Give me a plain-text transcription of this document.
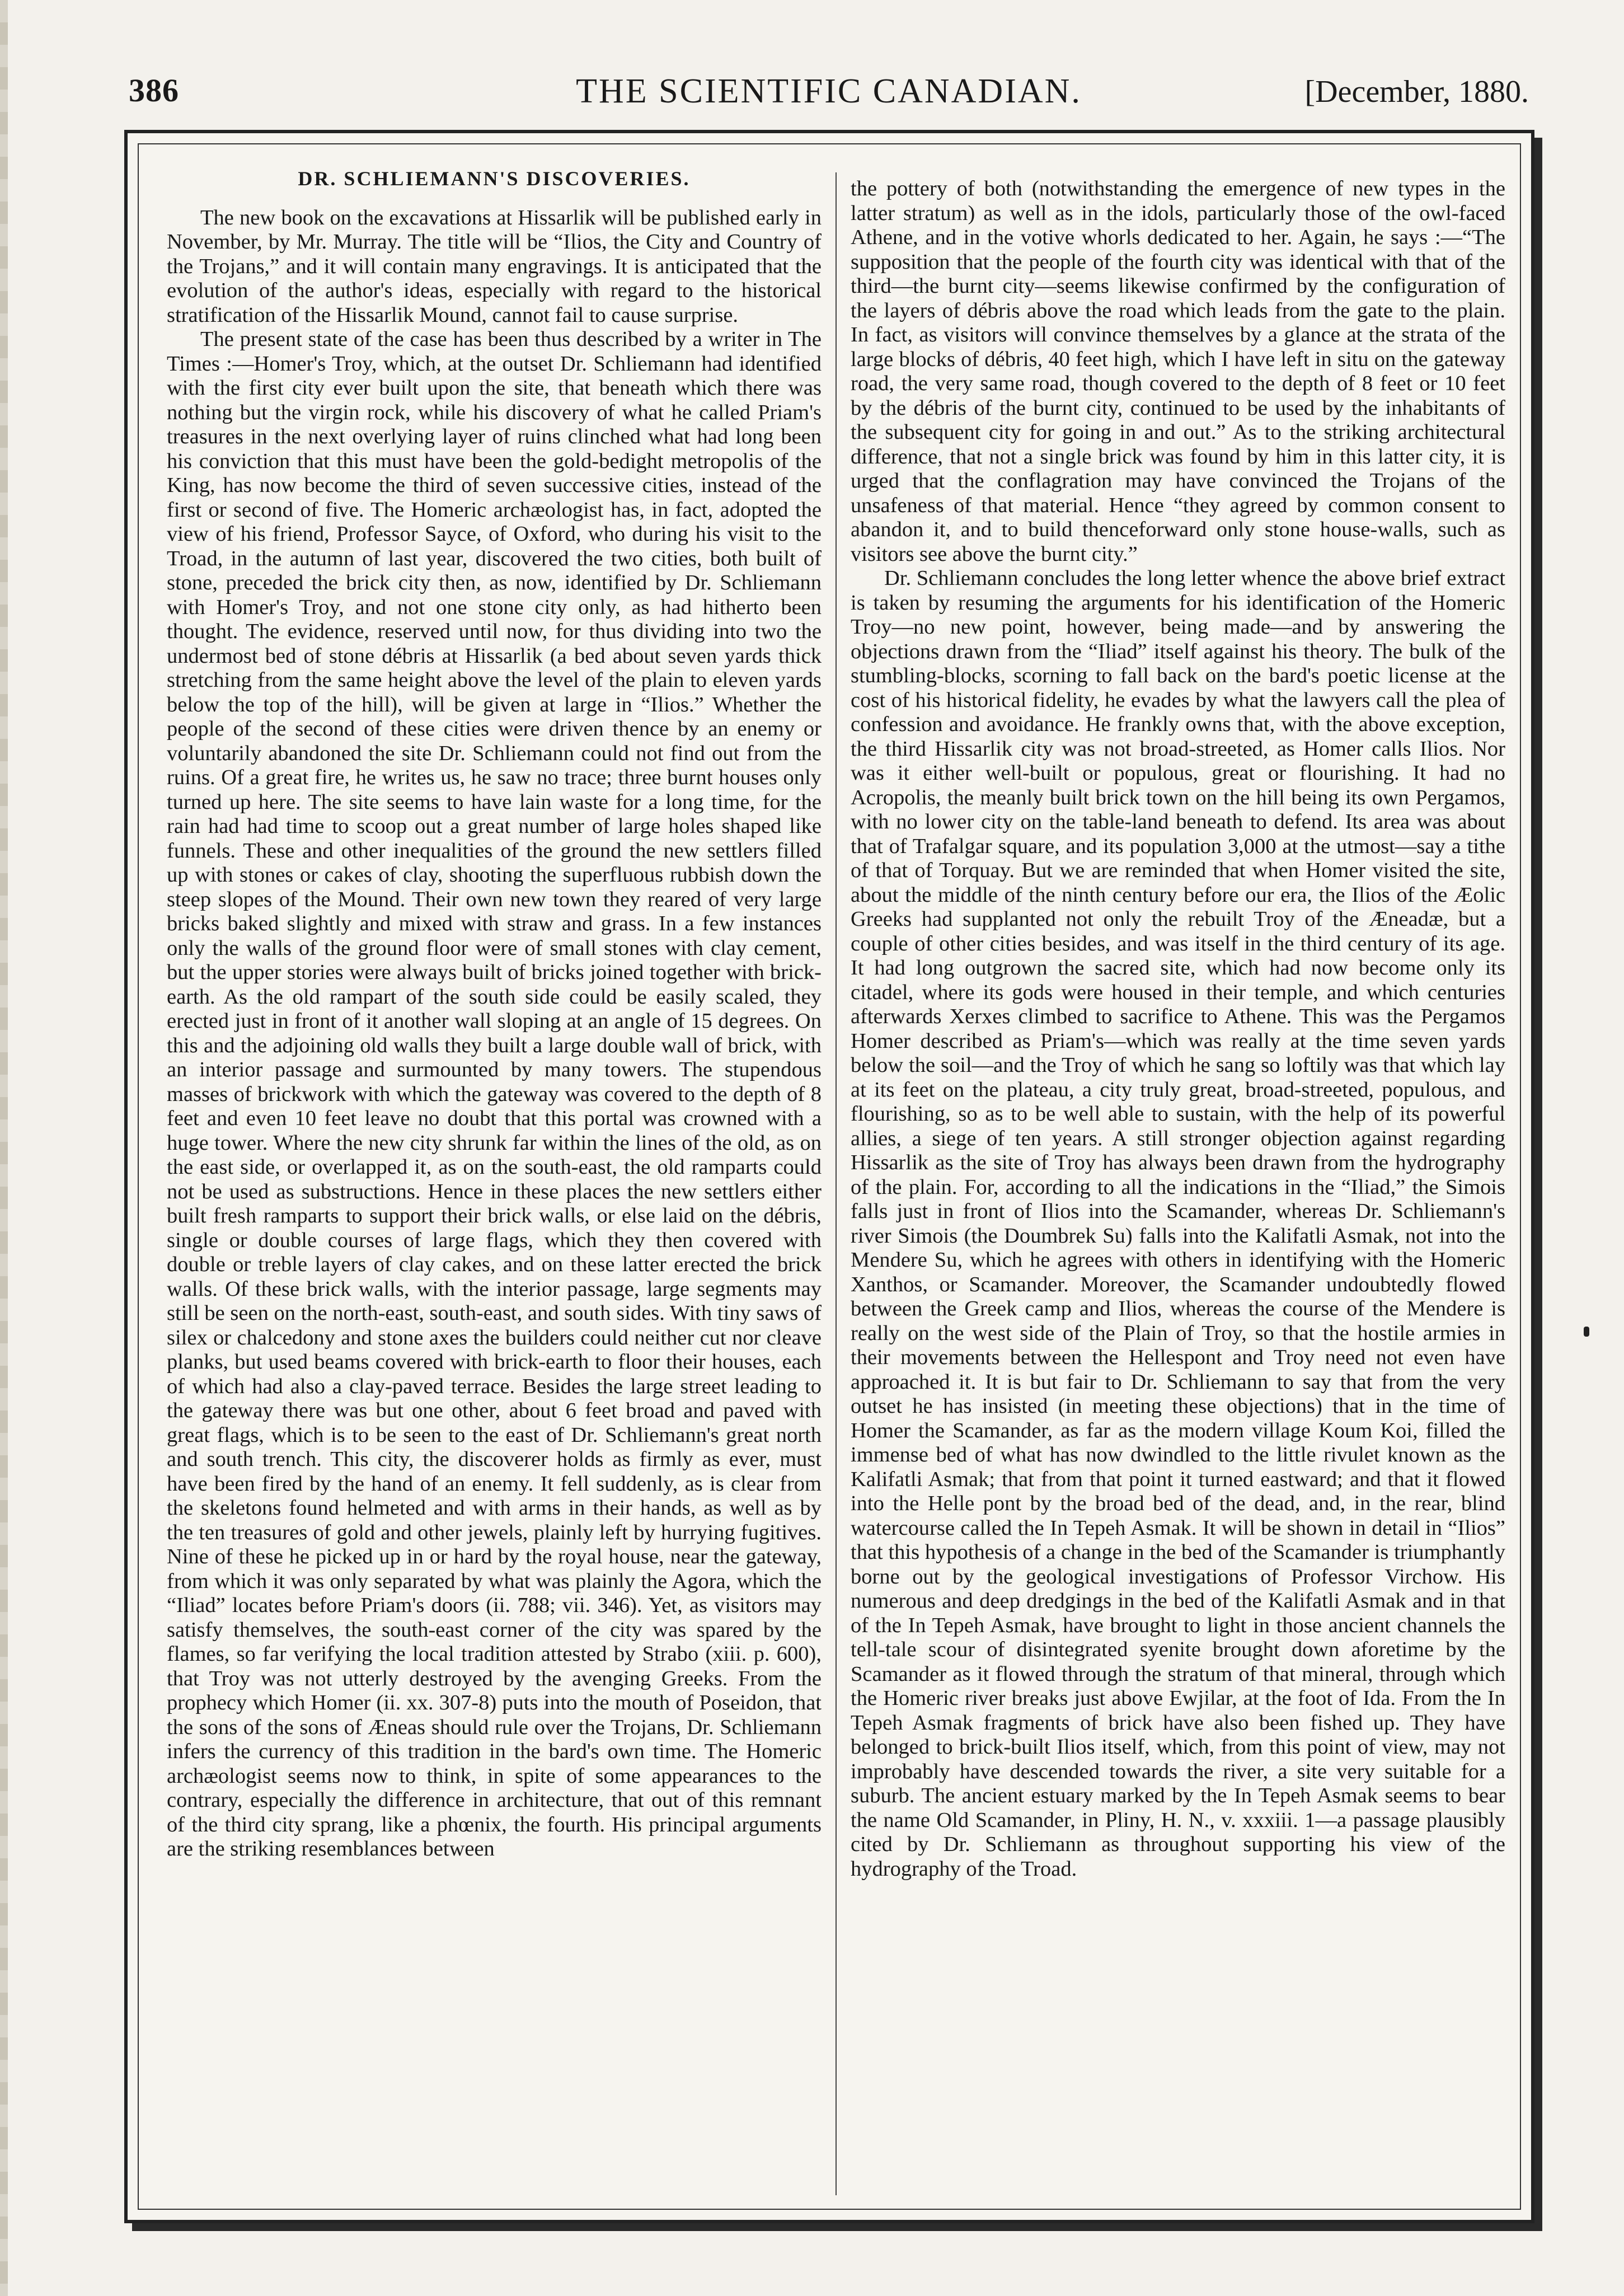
386	THE SCIENTIFIC CANADIAN.	[December, 1880.
DR. SCHLIEMANN'S DISCOVERIES.

The new book on the excavations at Hissarlik will be published early in November, by Mr. Murray. The title will be “Ilios, the City and Country of the Trojans,” and it will contain many engravings. It is anticipated that the evolution of the author's ideas, especially with regard to the historical stratification of the Hissarlik Mound, cannot fail to cause surprise.

The present state of the case has been thus described by a writer in The Times :—Homer's Troy, which, at the outset Dr. Schliemann had identified with the first city ever built upon the site, that beneath which there was nothing but the virgin rock, while his discovery of what he called Priam's treasures in the next overlying layer of ruins clinched what had long been his conviction that this must have been the gold-bedight metropolis of the King, has now become the third of seven successive cities, instead of the first or second of five. The Homeric archæologist has, in fact, adopted the view of his friend, Professor Sayce, of Oxford, who during his visit to the Troad, in the autumn of last year, discovered the two cities, both built of stone, preceded the brick city then, as now, identified by Dr. Schliemann with Homer's Troy, and not one stone city only, as had hitherto been thought. The evidence, reserved until now, for thus dividing into two the undermost bed of stone débris at Hissarlik (a bed about seven yards thick stretching from the same height above the level of the plain to eleven yards below the top of the hill), will be given at large in “Ilios.” Whether the people of the second of these cities were driven thence by an enemy or voluntarily abandoned the site Dr. Schliemann could not find out from the ruins. Of a great fire, he writes us, he saw no trace; three burnt houses only turned up here. The site seems to have lain waste for a long time, for the rain had had time to scoop out a great number of large holes shaped like funnels. These and other inequalities of the ground the new settlers filled up with stones or cakes of clay, shooting the superfluous rubbish down the steep slopes of the Mound. Their own new town they reared of very large bricks baked slightly and mixed with straw and grass. In a few instances only the walls of the ground floor were of small stones with clay cement, but the upper stories were always built of bricks joined together with brick-earth. As the old rampart of the south side could be easily scaled, they erected just in front of it another wall sloping at an angle of 15 degrees. On this and the adjoining old walls they built a large double wall of brick, with an interior passage and surmounted by many towers. The stupendous masses of brickwork with which the gateway was covered to the depth of 8 feet and even 10 feet leave no doubt that this portal was crowned with a huge tower. Where the new city shrunk far within the lines of the old, as on the east side, or overlapped it, as on the south-east, the old ramparts could not be used as substructions. Hence in these places the new settlers either built fresh ramparts to support their brick walls, or else laid on the débris, single or double courses of large flags, which they then covered with double or treble layers of clay cakes, and on these latter erected the brick walls. Of these brick walls, with the interior passage, large segments may still be seen on the north-east, south-east, and south sides. With tiny saws of silex or chalcedony and stone axes the builders could neither cut nor cleave planks, but used beams covered with brick-earth to floor their houses, each of which had also a clay-paved terrace. Besides the large street leading to the gateway there was but one other, about 6 feet broad and paved with great flags, which is to be seen to the east of Dr. Schliemann's great north and south trench. This city, the discoverer holds as firmly as ever, must have been fired by the hand of an enemy. It fell suddenly, as is clear from the skeletons found helmeted and with arms in their hands, as well as by the ten treasures of gold and other jewels, plainly left by hurrying fugitives. Nine of these he picked up in or hard by the royal house, near the gateway, from which it was only separated by what was plainly the Agora, which the “Iliad” locates before Priam's doors (ii. 788; vii. 346). Yet, as visitors may satisfy themselves, the south-east corner of the city was spared by the flames, so far verifying the local tradition attested by Strabo (xiii. p. 600), that Troy was not utterly destroyed by the avenging Greeks. From the prophecy which Homer (ii. xx. 307-8) puts into the mouth of Poseidon, that the sons of the sons of Æneas should rule over the Trojans, Dr. Schliemann infers the currency of this tradition in the bard's own time. The Homeric archæologist seems now to think, in spite of some appearances to the contrary, especially the difference in architecture, that out of this remnant of the third city sprang, like a phœnix, the fourth. His principal arguments are the striking resemblances between

the pottery of both (notwithstanding the emergence of new types in the latter stratum) as well as in the idols, particularly those of the owl-faced Athene, and in the votive whorls dedicated to her. Again, he says :—“The supposition that the people of the fourth city was identical with that of the third—the burnt city—seems likewise confirmed by the configuration of the layers of débris above the road which leads from the gate to the plain. In fact, as visitors will convince themselves by a glance at the strata of the large blocks of débris, 40 feet high, which I have left in situ on the gateway road, the very same road, though covered to the depth of 8 feet or 10 feet by the débris of the burnt city, continued to be used by the inhabitants of the subsequent city for going in and out.” As to the striking architectural difference, that not a single brick was found by him in this latter city, it is urged that the conflagration may have convinced the Trojans of the unsafeness of that material. Hence “they agreed by common consent to abandon it, and to build thenceforward only stone house-walls, such as visitors see above the burnt city.”

Dr. Schliemann concludes the long letter whence the above brief extract is taken by resuming the arguments for his identification of the Homeric Troy—no new point, however, being made—and by answering the objections drawn from the “Iliad” itself against his theory. The bulk of the stumbling-blocks, scorning to fall back on the bard's poetic license at the cost of his historical fidelity, he evades by what the lawyers call the plea of confession and avoidance. He frankly owns that, with the above exception, the third Hissarlik city was not broad-streeted, as Homer calls Ilios. Nor was it either well-built or populous, great or flourishing. It had no Acropolis, the meanly built brick town on the hill being its own Pergamos, with no lower city on the table-land beneath to defend. Its area was about that of Trafalgar square, and its population 3,000 at the utmost—say a tithe of that of Torquay. But we are reminded that when Homer visited the site, about the middle of the ninth century before our era, the Ilios of the Æolic Greeks had supplanted not only the rebuilt Troy of the Æneadæ, but a couple of other cities besides, and was itself in the third century of its age. It had long outgrown the sacred site, which had now become only its citadel, where its gods were housed in their temple, and which centuries afterwards Xerxes climbed to sacrifice to Athene. This was the Pergamos Homer described as Priam's—which was really at the time seven yards below the soil—and the Troy of which he sang so loftily was that which lay at its feet on the plateau, a city truly great, broad-streeted, populous, and flourishing, so as to be well able to sustain, with the help of its powerful allies, a siege of ten years. A still stronger objection against regarding Hissarlik as the site of Troy has always been drawn from the hydrography of the plain. For, according to all the indications in the “Iliad,” the Simois falls just in front of Ilios into the Scamander, whereas Dr. Schliemann's river Simois (the Doumbrek Su) falls into the Kalifatli Asmak, not into the Mendere Su, which he agrees with others in identifying with the Homeric Xanthos, or Scamander. Moreover, the Scamander undoubtedly flowed between the Greek camp and Ilios, whereas the course of the Mendere is really on the west side of the Plain of Troy, so that the hostile armies in their movements between the Hellespont and Troy need not even have approached it. It is but fair to Dr. Schliemann to say that from the very outset he has insisted (in meeting these objections) that in the time of Homer the Scamander, as far as the modern village Koum Koi, filled the immense bed of what has now dwindled to the little rivulet known as the Kalifatli Asmak; that from that point it turned eastward; and that it flowed into the Helle pont by the broad bed of the dead, and, in the rear, blind watercourse called the In Tepeh Asmak. It will be shown in detail in “Ilios” that this hypothesis of a change in the bed of the Scamander is triumphantly borne out by the geological investigations of Professor Virchow. His numerous and deep dredgings in the bed of the Kalifatli Asmak and in that of the In Tepeh Asmak, have brought to light in those ancient channels the tell-tale scour of disintegrated syenite brought down aforetime by the Scamander as it flowed through the stratum of that mineral, through which the Homeric river breaks just above Ewjilar, at the foot of Ida. From the In Tepeh Asmak fragments of brick have also been fished up. They have belonged to brick-built Ilios itself, which, from this point of view, may not improbably have descended towards the river, a site very suitable for a suburb. The ancient estuary marked by the In Tepeh Asmak seems to bear the name Old Scamander, in Pliny, H. N., v. xxxiii. 1—a passage plausibly cited by Dr. Schliemann as throughout supporting his view of the hydrography of the Troad.
